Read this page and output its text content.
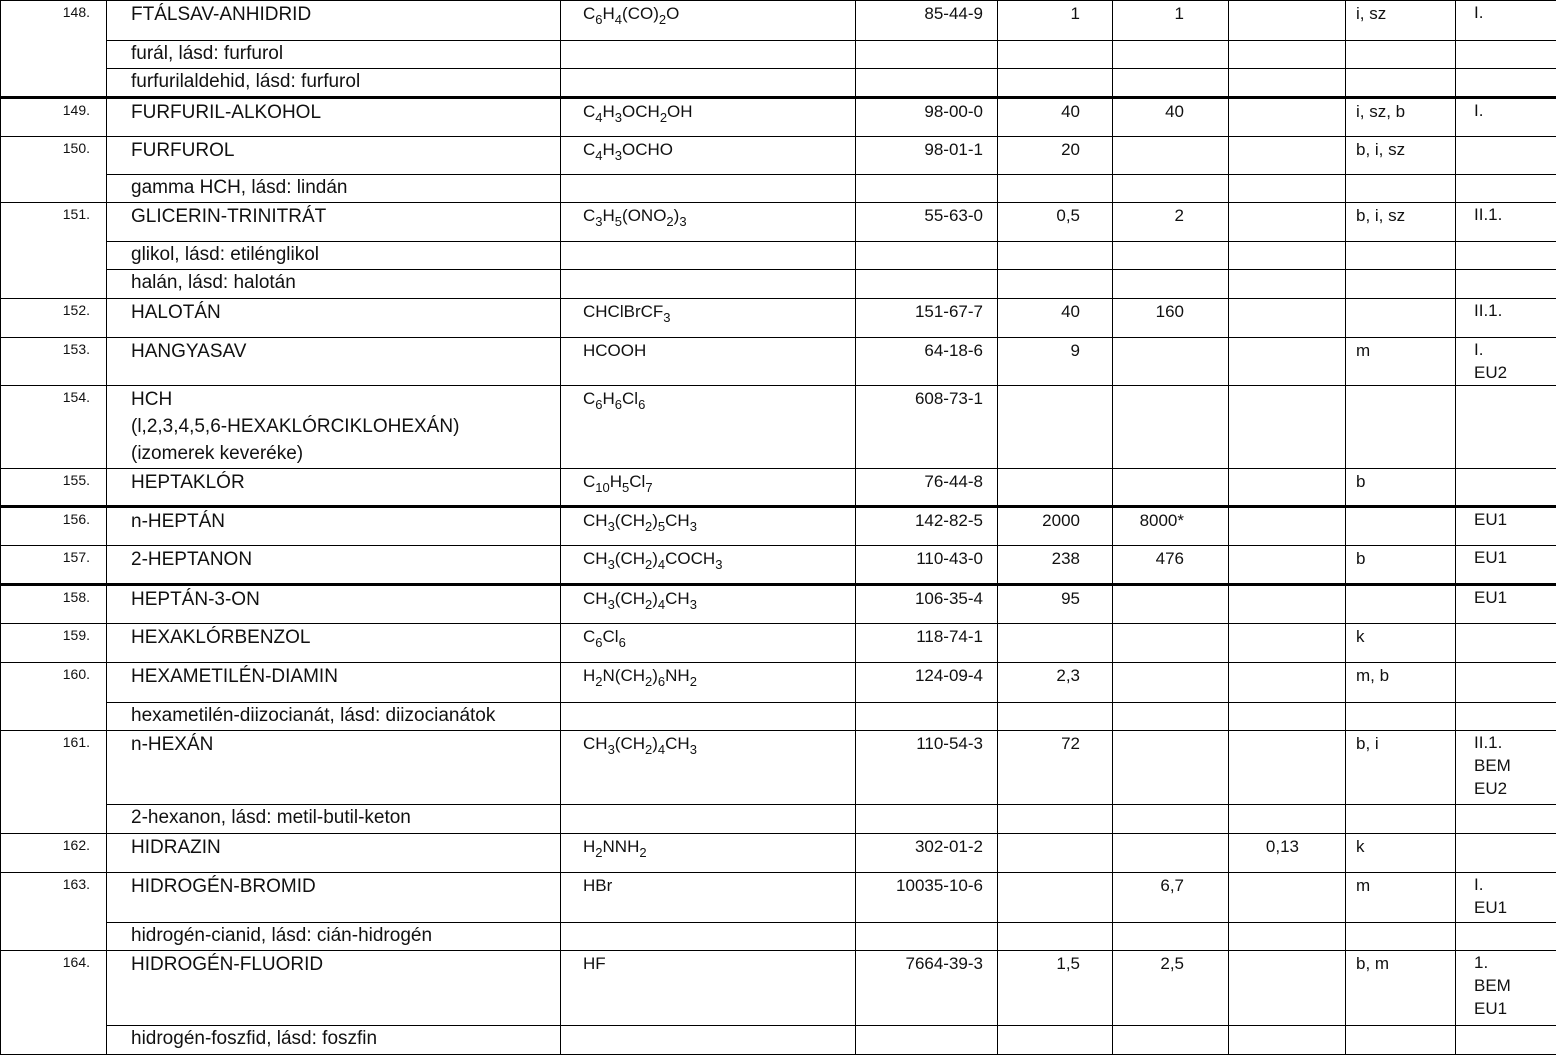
148.	FTÁLSAV-ANHIDRID	$C_6H_4(CO)_2O$	85-44-9	1	1		i, sz	I.

	furál, lásd: furfurol							
	furfurilaldehid, lásd: furfurol							
149.	FURFURIL-ALKOHOL	$C_4H_3OCH_2OH$	98-00-0	40	40		i, sz, b	I.

150.	FURFUROL	$C_4H_3OCHO$	98-01-1	20			b, i, sz	

	gamma HCH, lásd: lindán							
151.	GLICERIN-TRINITRÁT	$C_3H_5(ONO_2)_3$	55-63-0	0,5	2		b, i, sz	II.1.

	glikol, lásd: etilénglikol							
	halán, lásd: halotán							
152.	HALOTÁN	CHClBrCF$_3$	151-67-7	40	160			II.1.

153.	HANGYASAV	HCOOH	64-18-6	9			m	I.
EU2

154.	HCH
(l,2,3,4,5,6-HEXAKLÓRCIKLOHEXÁN)
(izomerek keveréke)	$C_6H_6Cl_6$	608-73-1					

155.	HEPTAKLÓR	$C_{10}H_5Cl_7$	76-44-8				b	

156.	n-HEPTÁN	$CH_3(CH_2)_5CH_3$	142-82-5	2000	8000*			EU1

157.	2-HEPTANON	$CH_3(CH_2)_4COCH_3$	110-43-0	238	476		b	EU1

158.	HEPTÁN-3-ON	$CH_3(CH_2)_4CH_3$	106-35-4	95				EU1

159.	HEXAKLÓRBENZOL	$C_6Cl_6$	118-74-1				k	

160.	HEXAMETILÉN-DIAMIN	$H_2N(CH_2)_6NH_2$	124-09-4	2,3			m, b	

	hexametilén-diizocianát, lásd: diizocianátok							
161.	n-HEXÁN	$CH_3(CH_2)_4CH_3$	110-54-3	72			b, i	II.1.
BEM
EU2

	2-hexanon, lásd: metil-butil-keton							
162.	HIDRAZIN	$H_2NNH_2$	302-01-2			0,13	k	

163.	HIDROGÉN-BROMID	HBr	10035-10-6		6,7		m	I.
EU1

	hidrogén-cianid, lásd: cián-hidrogén							
164.	HIDROGÉN-FLUORID	HF	7664-39-3	1,5	2,5		b, m	1.
BEM
EU1

	hidrogén-foszfid, lásd: foszfin							
